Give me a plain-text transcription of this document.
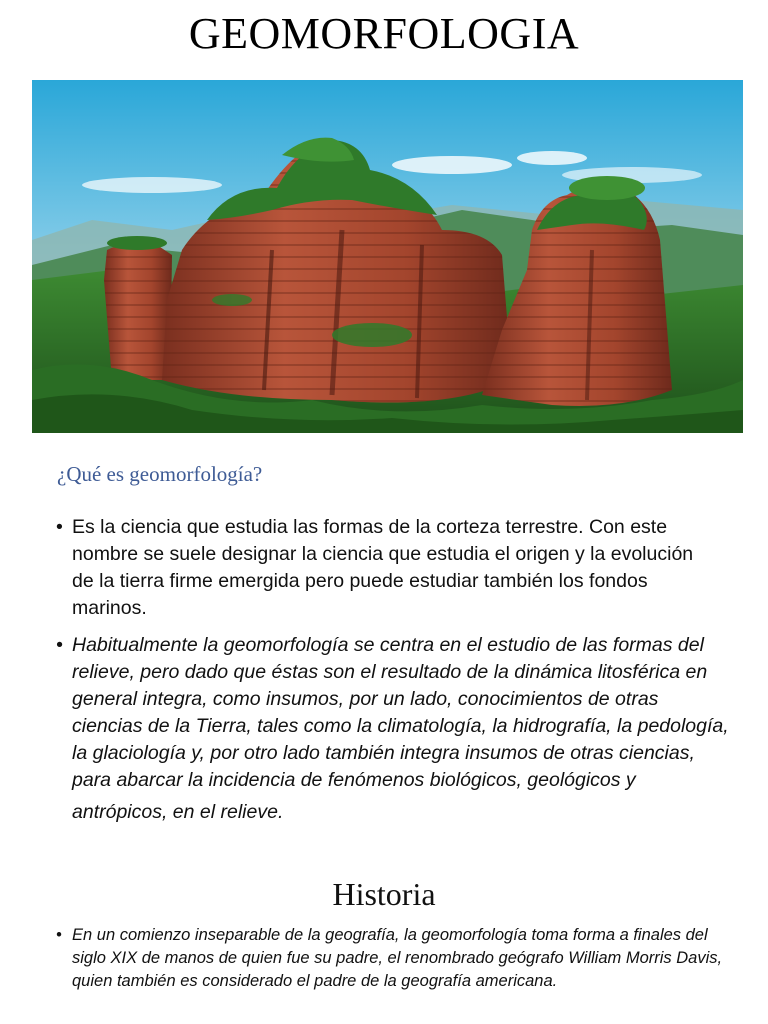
GEOMORFOLOGIA
¿Qué es geomorfología?
• Es la ciencia que estudia las formas de la corteza terrestre. Con este nombre se suele designar la ciencia que estudia el origen y la evolución de la tierra firme emergida pero puede estudiar también los fondos marinos.
• Habitualmente la geomorfología se centra en el estudio de las formas del relieve, pero dado que éstas son el resultado de la dinámica litosférica en general integra, como insumos, por un lado, conocimientos de otras ciencias de la Tierra, tales como la climatología, la hidrografía, la pedología, la glaciología y, por otro lado también integra insumos de otras ciencias, para abarcar la incidencia de fenómenos biológicos, geológicos y
antrópicos, en el relieve.
Historia
• En un comienzo inseparable de la geografía, la geomorfología toma forma a finales del siglo XIX de manos de quien fue su padre, el renombrado geógrafo William Morris Davis, quien también es considerado el padre de la geografía americana.
